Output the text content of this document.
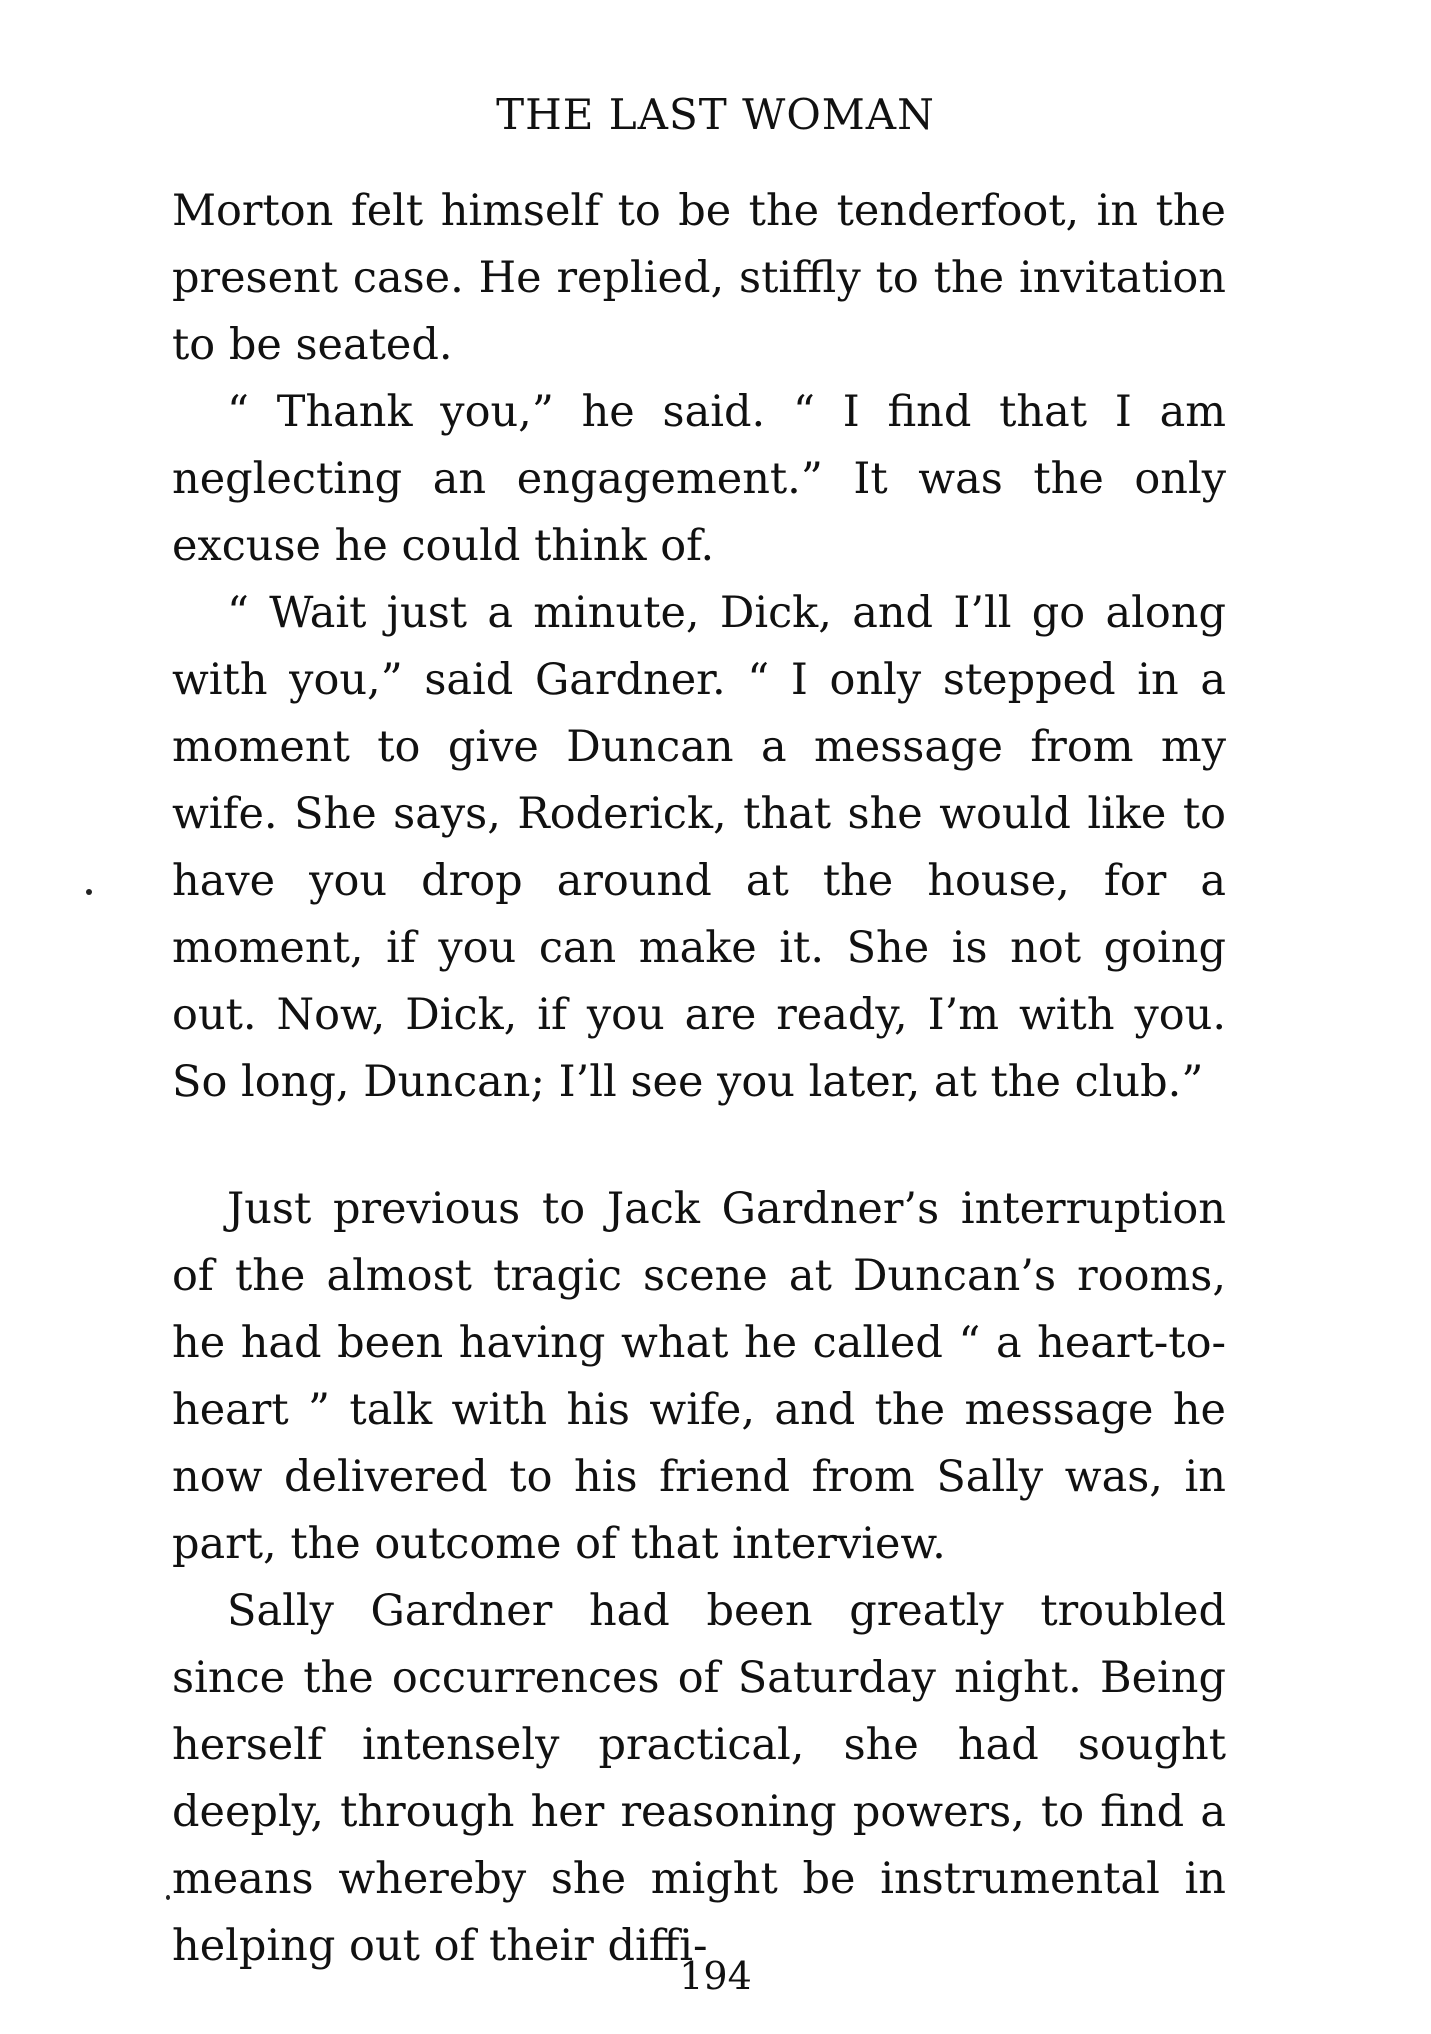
THE LAST WOMAN

Morton felt himself to be the tenderfoot, in the present case. He replied, stiffly to the invitation to be seated.

“ Thank you,” he said. “ I find that I am neglecting an engagement.” It was the only excuse he could think of.

“ Wait just a minute, Dick, and I’ll go along with you,” said Gardner. “ I only stepped in a moment to give Duncan a message from my wife. She says, Roderick, that she would like to have you drop around at the house, for a moment, if you can make it. She is not going out. Now, Dick, if you are ready, I’m with you. So long, Duncan; I’ll see you later, at the club.”

Just previous to Jack Gardner’s interruption of the almost tragic scene at Duncan’s rooms, he had been having what he called “ a heart-to-heart ” talk with his wife, and the message he now delivered to his friend from Sally was, in part, the outcome of that interview.

Sally Gardner had been greatly troubled since the occurrences of Saturday night. Being herself intensely practical, she had sought deeply, through her reasoning powers, to find a means whereby she might be instrumental in helping out of their diffi-

194
